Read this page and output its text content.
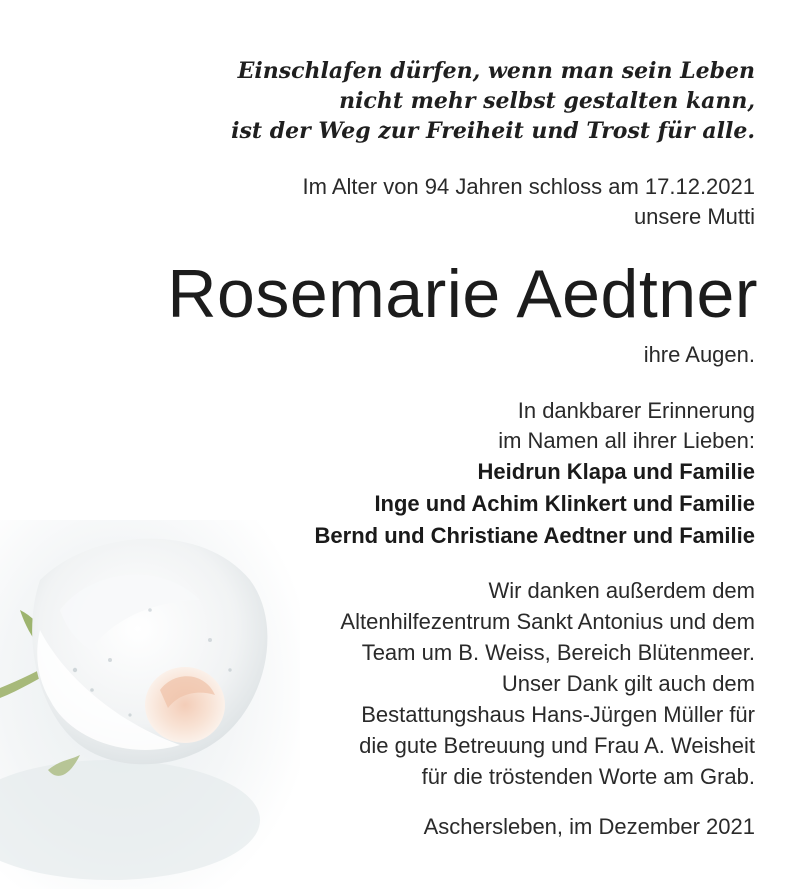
Einschlafen dürfen, wenn man sein Leben
nicht mehr selbst gestalten kann,
ist der Weg zur Freiheit und Trost für alle.
Im Alter von 94 Jahren schloss am 17.12.2021
unsere Mutti
Rosemarie Aedtner
ihre Augen.
In dankbarer Erinnerung
im Namen all ihrer Lieben:
Heidrun Klapa und Familie
Inge und Achim Klinkert und Familie
Bernd und Christiane Aedtner und Familie
Wir danken außerdem dem
Altenhilfezentrum Sankt Antonius und dem
Team um B. Weiss, Bereich Blütenmeer.
Unser Dank gilt auch dem
Bestattungshaus Hans-Jürgen Müller für
die gute Betreuung und Frau A. Weisheit
für die tröstenden Worte am Grab.
Aschersleben, im Dezember 2021
